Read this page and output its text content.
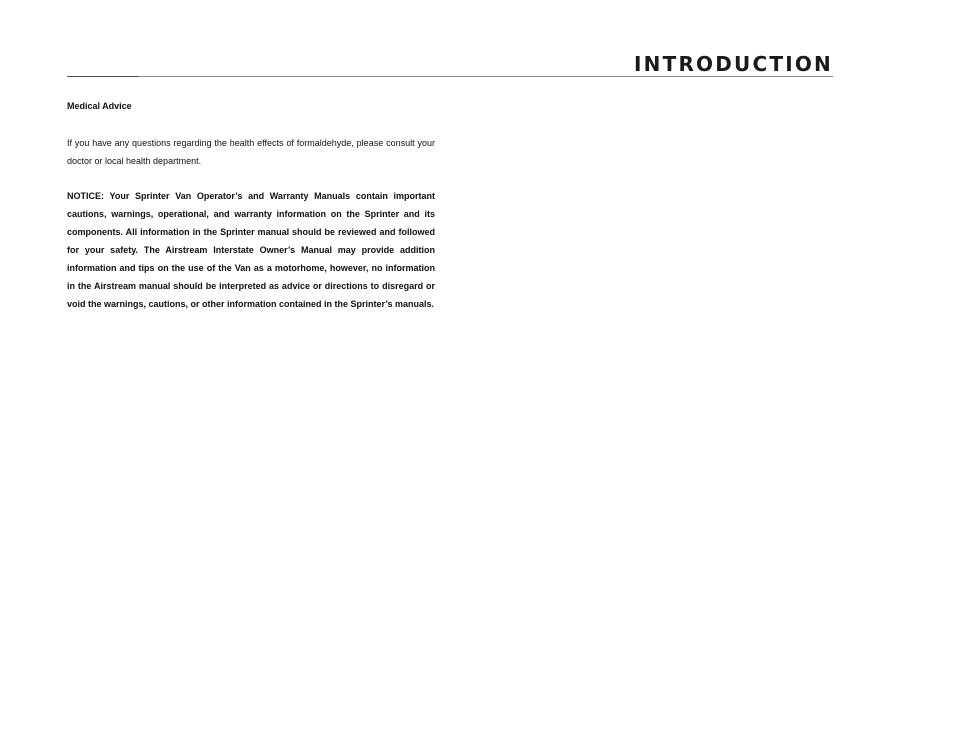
INTRODUCTION

Medical Advice

If you have any questions regarding the health effects of formaldehyde, please consult your doctor or local health department.

NOTICE: Your Sprinter Van Operator’s and Warranty Manuals contain important cautions, warnings, operational, and warranty information on the Sprinter and its components. All information in the Sprinter manual should be reviewed and followed for your safety. The Airstream Interstate Owner’s Manual may provide addition information and tips on the use of the Van as a motorhome, however, no information in the Airstream manual should be interpreted as advice or directions to disregard or void the warnings, cautions, or other information contained in the Sprinter’s manuals.
